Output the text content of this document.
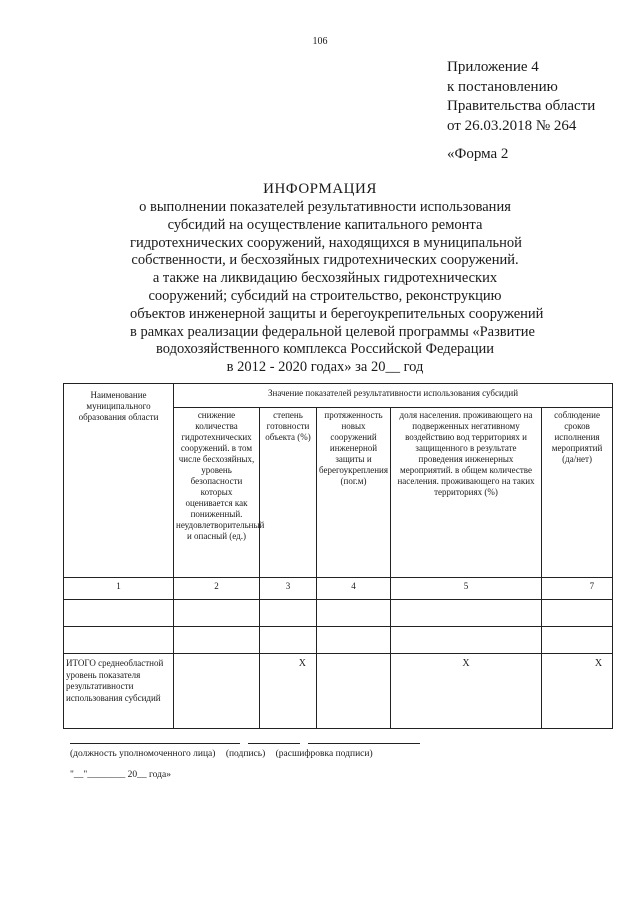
106
Приложение 4
к постановлению
Правительства области
от 26.03.2018 № 264
«Форма 2
ИНФОРМАЦИЯ
о выполнении показателей результативности использования
субсидий на осуществление капитального ремонта
гидротехнических сооружений, находящихся в муниципальной
собственности, и бесхозяйных гидротехнических сооружений.
а также на ликвидацию бесхозяйных гидротехнических
сооружений; субсидий на строительство, реконструкцию
объектов инженерной защиты и берегоукрепительных сооружений
в рамках реализации федеральной целевой программы «Развитие
водохозяйственного комплекса Российской Федерации
в 2012 - 2020 годах» за 20__ год
Наименование муниципального образования области	Значение показателей результативности использования субсидий				
	снижение количества гидротехнических сооружений. в том числе бесхозяйных, уровень безопасности которых оценивается как пониженный. неудовлетворительный и опасный (ед.)	степень готовности объекта (%)	протяженность новых сооружений инженерной защиты и берегоукрепления (пог.м)	доля населения. проживающего на подверженных негативному воздействию вод территориях и защищенного в результате проведения инженерных мероприятий. в общем количестве населения. проживающего на таких территориях (%)	соблюдение сроков исполнения мероприятий (да/нет)
1	2	3	4	5	7

ИТОГО среднеобластной уровень показателя результативности использования субсидий		X		X	X
(должность уполномоченного лица) (подпись) (расшифровка подписи)
"__"________ 20__ года»
